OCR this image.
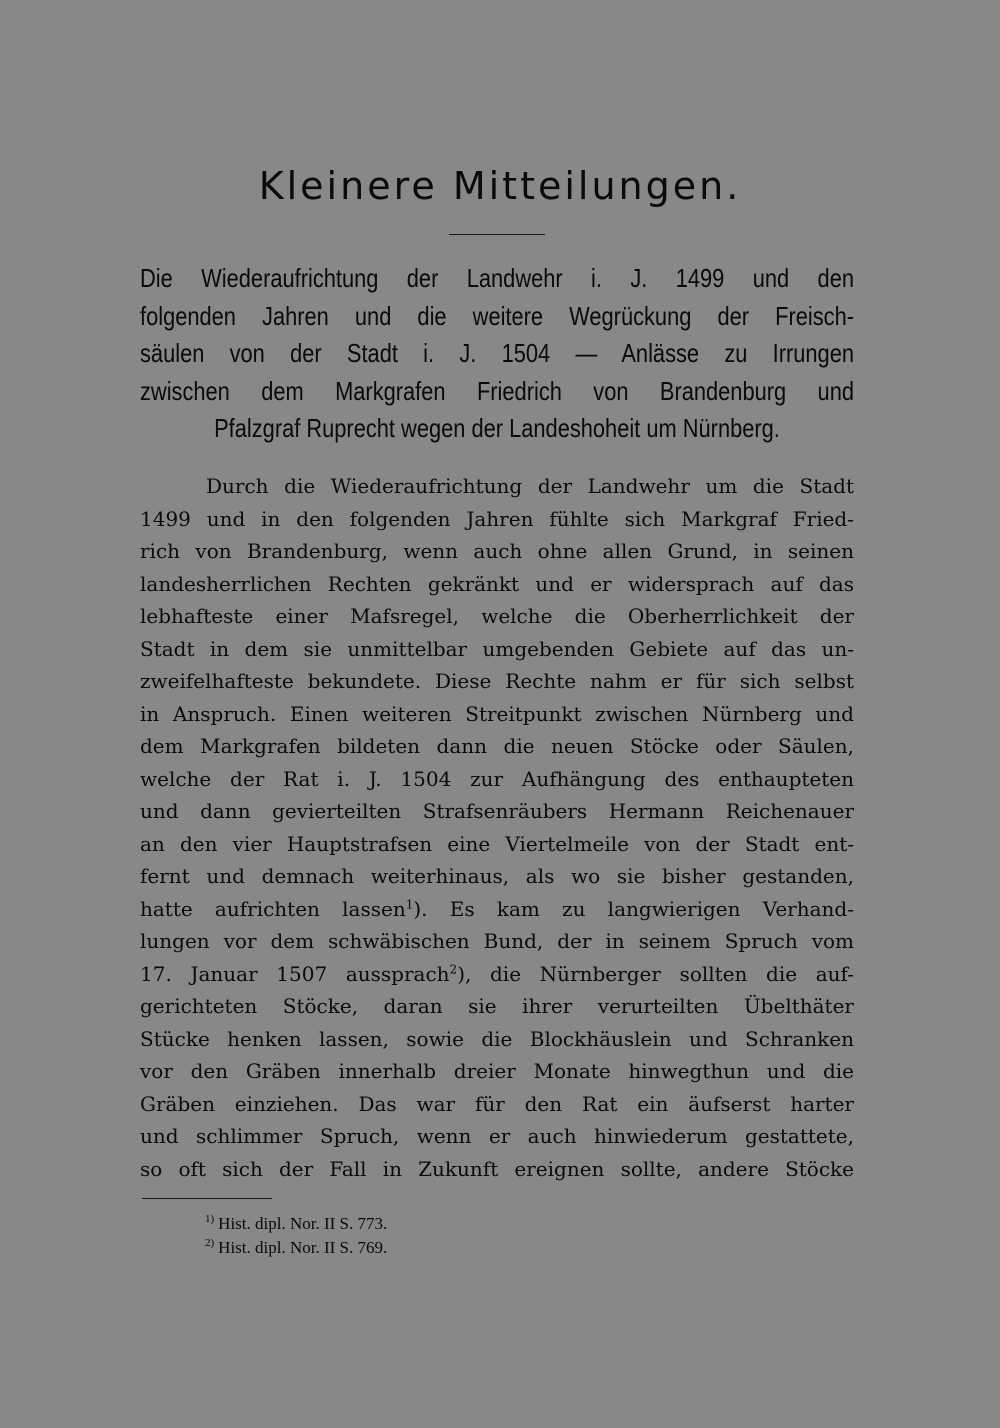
Kleinere Mitteilungen.
Die Wiederaufrichtung der Landwehr i. J. 1499 und den
folgenden Jahren und die weitere Wegrückung der Freisch-
säulen von der Stadt i. J. 1504 — Anlässe zu Irrungen
zwischen dem Markgrafen Friedrich von Brandenburg und
Pfalzgraf Ruprecht wegen der Landeshoheit um Nürnberg.
Durch die Wiederaufrichtung der Landwehr um die Stadt
1499 und in den folgenden Jahren fühlte sich Markgraf Fried-
rich von Brandenburg, wenn auch ohne allen Grund, in seinen
landesherrlichen Rechten gekränkt und er widersprach auf das
lebhafteste einer Mafsregel, welche die Oberherrlichkeit der
Stadt in dem sie unmittelbar umgebenden Gebiete auf das un-
zweifelhafteste bekundete. Diese Rechte nahm er für sich selbst
in Anspruch. Einen weiteren Streitpunkt zwischen Nürnberg und
dem Markgrafen bildeten dann die neuen Stöcke oder Säulen,
welche der Rat i. J. 1504 zur Aufhängung des enthaupteten
und dann gevierteilten Strafsenräubers Hermann Reichenauer
an den vier Hauptstrafsen eine Viertelmeile von der Stadt ent-
fernt und demnach weiterhinaus, als wo sie bisher gestanden,
hatte aufrichten lassen$^1$). Es kam zu langwierigen Verhand-
lungen vor dem schwäbischen Bund, der in seinem Spruch vom
17. Januar 1507 aussprach$^2$), die Nürnberger sollten die auf-
gerichteten Stöcke, daran sie ihrer verurteilten Übelthäter
Stücke henken lassen, sowie die Blockhäuslein und Schranken
vor den Gräben innerhalb dreier Monate hinwegthun und die
Gräben einziehen. Das war für den Rat ein äufserst harter
und schlimmer Spruch, wenn er auch hinwiederum gestattete,
so oft sich der Fall in Zukunft ereignen sollte, andere Stöcke
$^{1)}$ Hist. dipl. Nor. II S. 773.
$^{2)}$ Hist. dipl. Nor. II S. 769.
